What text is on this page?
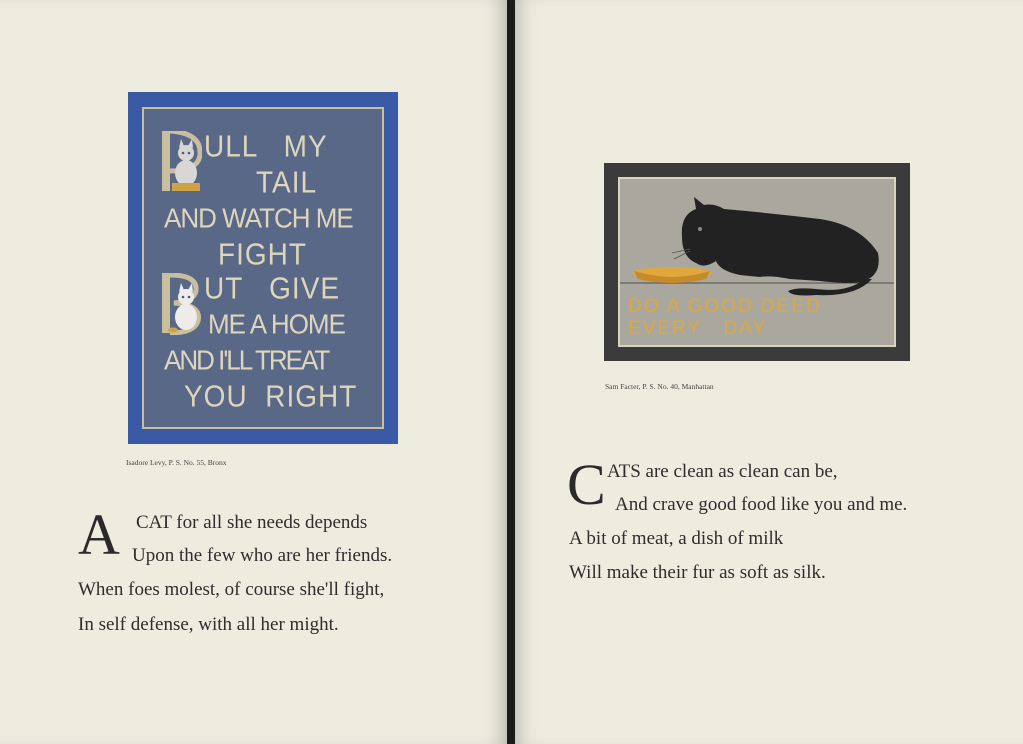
ULL   MY
TAIL
AND WATCH ME
FIGHT
UT   GIVE
ME A HOME
AND I'LL TREAT
YOU  RIGHT
Isadore Levy, P. S. No. 55, Bronx
A CAT for all she needs depends
Upon the few who are her friends.
When foes molest, of course she'll fight,
In self defense, with all her might.
DO A GOOD DEED
EVERY   DAY
Sam Facter, P. S. No. 40, Manhattan
C ATS are clean as clean can be,
And crave good food like you and me.
A bit of meat, a dish of milk
Will make their fur as soft as silk.
